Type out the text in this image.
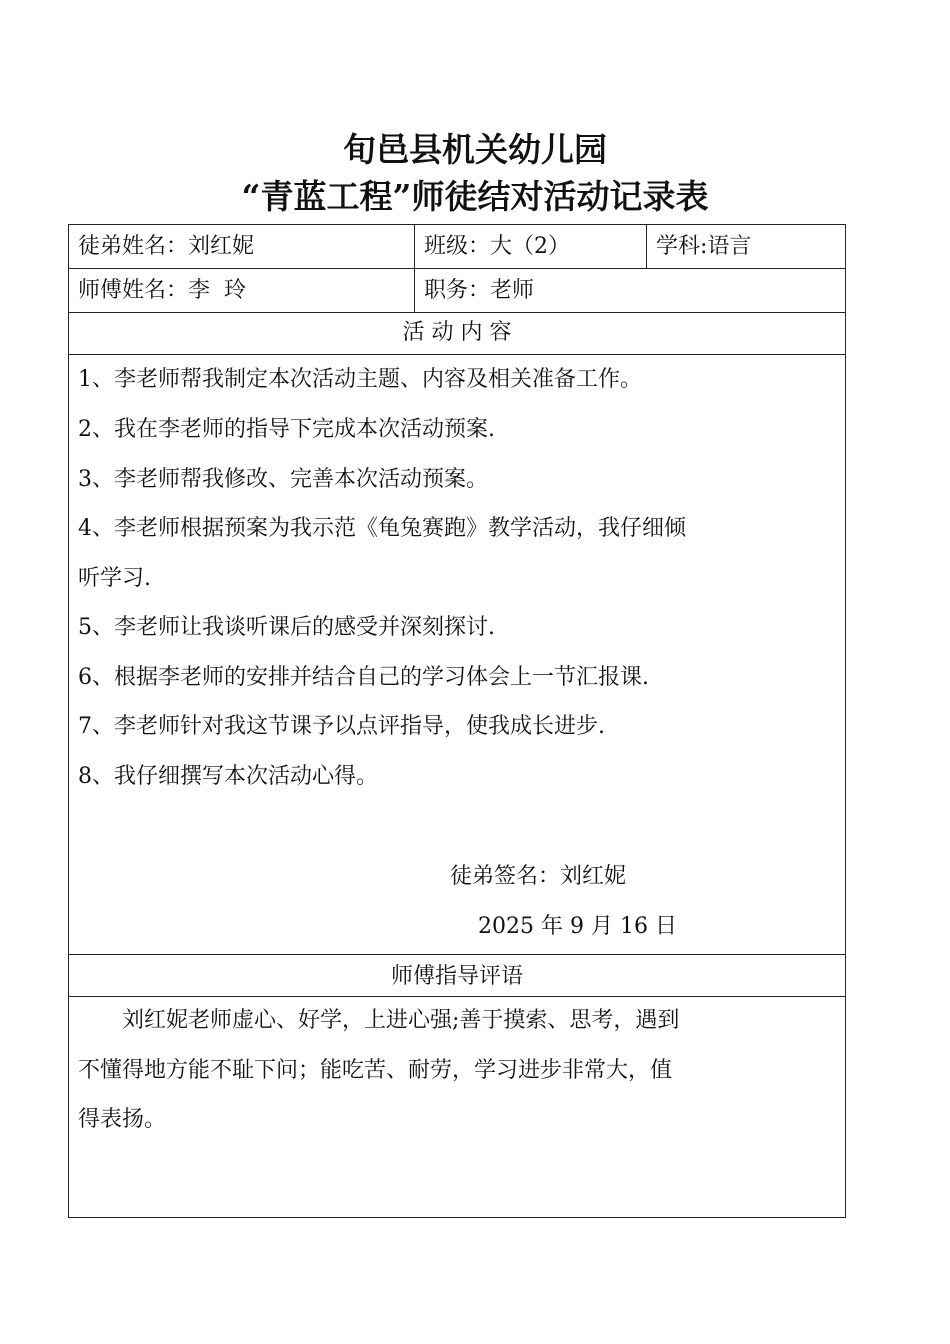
旬邑县机关幼儿园
“青蓝工程”师徒结对活动记录表
徒弟姓名：刘红妮	班级：大（2）	学科:语言
师傅姓名：李  玲	职务：老师
活 动 内 容
1、李老师帮我制定本次活动主题、内容及相关准备工作。
2、我在李老师的指导下完成本次活动预案.
3、李老师帮我修改、完善本次活动预案。
4、李老师根据预案为我示范《龟兔赛跑》教学活动，我仔细倾
听学习.
5、李老师让我谈听课后的感受并深刻探讨.
6、根据李老师的安排并结合自己的学习体会上一节汇报课.
7、李老师针对我这节课予以点评指导，使我成长进步.
8、我仔细撰写本次活动心得。
徒弟签名：刘红妮
2025 年 9 月 16 日
师傅指导评语
　　刘红妮老师虚心、好学，上进心强;善于摸索、思考，遇到
不懂得地方能不耻下问；能吃苦、耐劳，学习进步非常大，值
得表扬。
